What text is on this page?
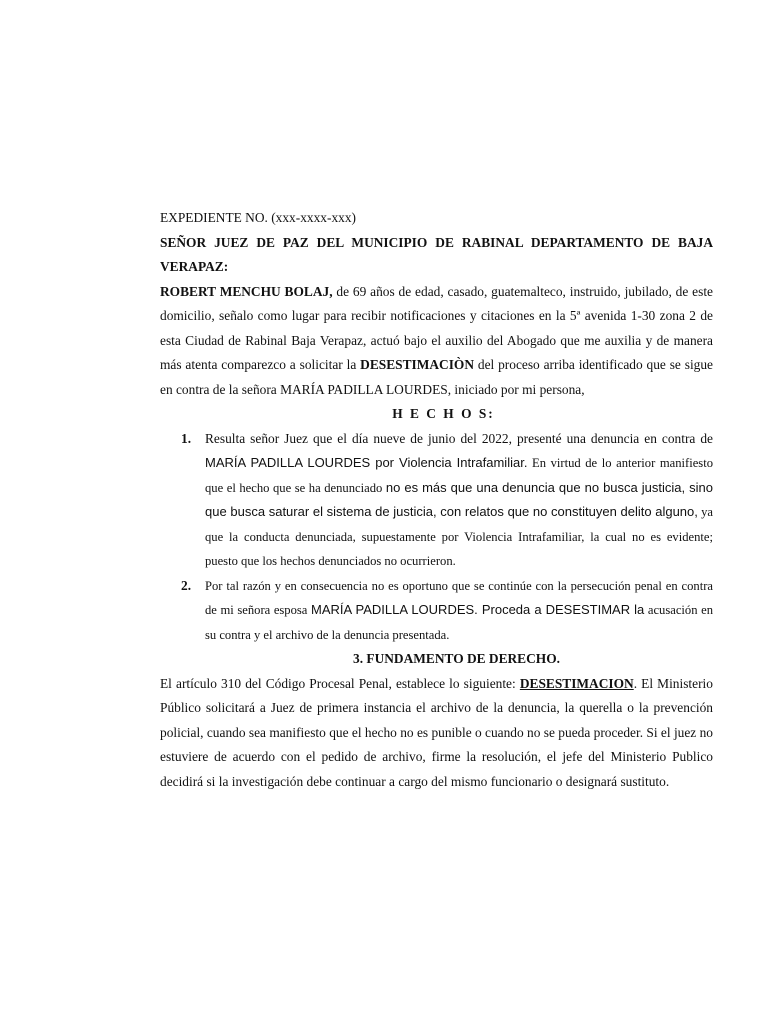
EXPEDIENTE NO. (xxx-xxxx-xxx)

SEÑOR JUEZ DE PAZ DEL MUNICIPIO DE RABINAL DEPARTAMENTO DE BAJA VERAPAZ:

ROBERT MENCHU BOLAJ, de 69 años de edad, casado, guatemalteco, instruido, jubilado, de este domicilio, señalo como lugar para recibir notificaciones y citaciones en la 5ª avenida 1-30 zona 2 de esta Ciudad de Rabinal Baja Verapaz, actuó bajo el auxilio del Abogado que me auxilia y de manera más atenta comparezco a solicitar la DESESTIMACIÒN del proceso arriba identificado que se sigue en contra de la señora MARÍA PADILLA LOURDES, iniciado por mi persona,

H E C H O S:

1. Resulta señor Juez que el día nueve de junio del 2022, presenté una denuncia en contra de MARÍA PADILLA LOURDES por Violencia Intrafamiliar. En virtud de lo anterior manifiesto que el hecho que se ha denunciado no es más que una denuncia que no busca justicia, sino que busca saturar el sistema de justicia, con relatos que no constituyen delito alguno, ya que la conducta denunciada, supuestamente por Violencia Intrafamiliar, la cual no es evidente; puesto que los hechos denunciados no ocurrieron.
2. Por tal razón y en consecuencia no es oportuno que se continúe con la persecución penal en contra de mi señora esposa MARÍA PADILLA LOURDES. Proceda a DESESTIMAR la acusación en su contra y el archivo de la denuncia presentada.

3. FUNDAMENTO DE DERECHO.

El artículo 310 del Código Procesal Penal, establece lo siguiente: DESESTIMACION. El Ministerio Público solicitará a Juez de primera instancia el archivo de la denuncia, la querella o la prevención policial, cuando sea manifiesto que el hecho no es punible o cuando no se pueda proceder. Si el juez no estuviere de acuerdo con el pedido de archivo, firme la resolución, el jefe del Ministerio Publico decidirá si la investigación debe continuar a cargo del mismo funcionario o designará sustituto.
